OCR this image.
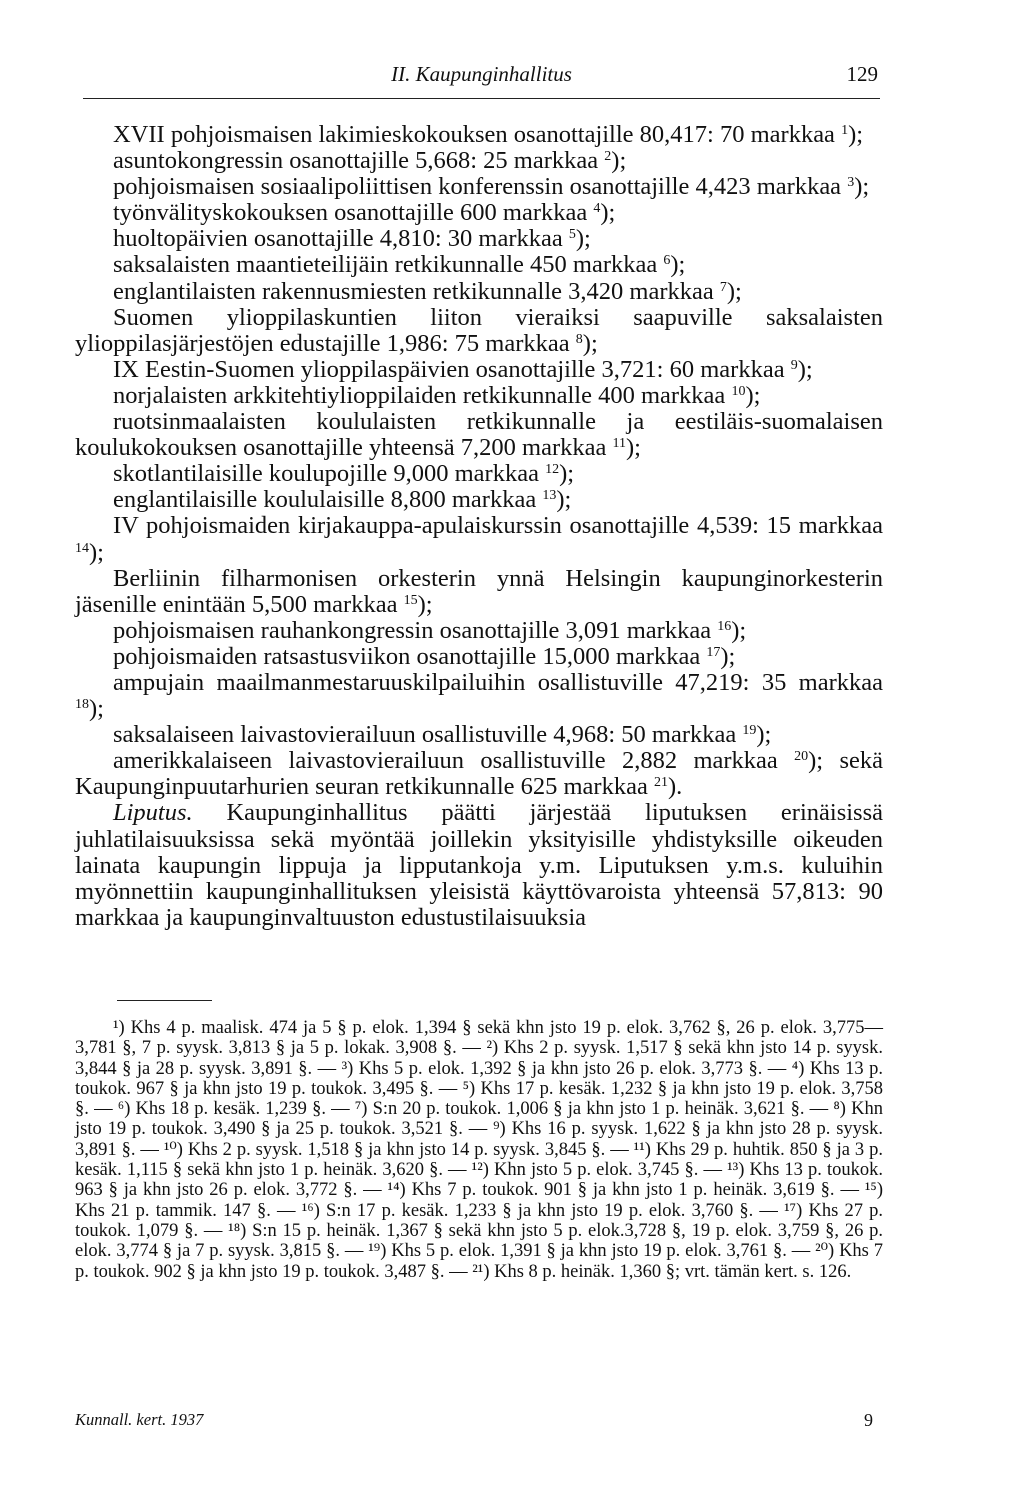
II. Kaupunginhallitus	129
XVII pohjoismaisen lakimieskokouksen osanottajille 80,417: 70 markkaa $^1$);
asuntokongressin osanottajille 5,668: 25 markkaa $^2$);
pohjoismaisen sosiaalipoliittisen konferenssin osanottajille 4,423 markkaa $^3$);
työnvälityskokouksen osanottajille 600 markkaa $^4$);
huoltopäivien osanottajille 4,810: 30 markkaa $^5$);
saksalaisten maantieteilijäin retkikunnalle 450 markkaa $^6$);
englantilaisten rakennusmiesten retkikunnalle 3,420 markkaa $^7$);
Suomen ylioppilaskuntien liiton vieraiksi saapuville saksalaisten ylioppilasjärjestöjen edustajille 1,986: 75 markkaa $^8$);
IX Eestin-Suomen ylioppilaspäivien osanottajille 3,721: 60 markkaa $^9$);
norjalaisten arkkitehtiylioppilaiden retkikunnalle 400 markkaa $^{10}$);
ruotsinmaalaisten koululaisten retkikunnalle ja eestiläis-suomalaisen koulukokouksen osanottajille yhteensä 7,200 markkaa $^{11}$);
skotlantilaisille koulupojille 9,000 markkaa $^{12}$);
englantilaisille koululaisille 8,800 markkaa $^{13}$);
IV pohjoismaiden kirjakauppa-apulaiskurssin osanottajille 4,539: 15 markkaa $^{14}$);
Berliinin filharmonisen orkesterin ynnä Helsingin kaupunginorkesterin jäsenille enintään 5,500 markkaa $^{15}$);
pohjoismaisen rauhankongressin osanottajille 3,091 markkaa $^{16}$);
pohjoismaiden ratsastusviikon osanottajille 15,000 markkaa $^{17}$);
ampujain maailmanmestaruuskilpailuihin osallistuville 47,219: 35 markkaa $^{18}$);
saksalaiseen laivastovierailuun osallistuville 4,968: 50 markkaa $^{19}$);
amerikkalaiseen laivastovierailuun osallistuville 2,882 markkaa $^{20}$); sekä Kaupunginpuutarhurien seuran retkikunnalle 625 markkaa $^{21}$).
Liputus. Kaupunginhallitus päätti järjestää liputuksen erinäisissä juhlatilaisuuksissa sekä myöntää joillekin yksityisille yhdistyksille oikeuden lainata kaupungin lippuja ja lipputankoja y.m. Liputuksen y.m.s. kuluihin myönnettiin kaupunginhallituksen yleisistä käyttövaroista yhteensä 57,813: 90 markkaa ja kaupunginvaltuuston edustustilaisuuksia
¹) Khs 4 p. maalisk. 474 ja 5 § p. elok. 1,394 § sekä khn jsto 19 p. elok. 3,762 §, 26 p. elok. 3,775—3,781 §, 7 p. syysk. 3,813 § ja 5 p. lokak. 3,908 §. — ²) Khs 2 p. syysk. 1,517 § sekä khn jsto 14 p. syysk. 3,844 § ja 28 p. syysk. 3,891 §. — ³) Khs 5 p. elok. 1,392 § ja khn jsto 26 p. elok. 3,773 §. — ⁴) Khs 13 p. toukok. 967 § ja khn jsto 19 p. toukok. 3,495 §. — ⁵) Khs 17 p. kesäk. 1,232 § ja khn jsto 19 p. elok. 3,758 §. — ⁶) Khs 18 p. kesäk. 1,239 §. — ⁷) S:n 20 p. toukok. 1,006 § ja khn jsto 1 p. heinäk. 3,621 §. — ⁸) Khn jsto 19 p. toukok. 3,490 § ja 25 p. toukok. 3,521 §. — ⁹) Khs 16 p. syysk. 1,622 § ja khn jsto 28 p. syysk. 3,891 §. — ¹⁰) Khs 2 p. syysk. 1,518 § ja khn jsto 14 p. syysk. 3,845 §. — ¹¹) Khs 29 p. huhtik. 850 § ja 3 p. kesäk. 1,115 § sekä khn jsto 1 p. heinäk. 3,620 §. — ¹²) Khn jsto 5 p. elok. 3,745 §. — ¹³) Khs 13 p. toukok. 963 § ja khn jsto 26 p. elok. 3,772 §. — ¹⁴) Khs 7 p. toukok. 901 § ja khn jsto 1 p. heinäk. 3,619 §. — ¹⁵) Khs 21 p. tammik. 147 §. — ¹⁶) S:n 17 p. kesäk. 1,233 § ja khn jsto 19 p. elok. 3,760 §. — ¹⁷) Khs 27 p. toukok. 1,079 §. — ¹⁸) S:n 15 p. heinäk. 1,367 § sekä khn jsto 5 p. elok.3,728 §, 19 p. elok. 3,759 §, 26 p. elok. 3,774 § ja 7 p. syysk. 3,815 §. — ¹⁹) Khs 5 p. elok. 1,391 § ja khn jsto 19 p. elok. 3,761 §. — ²⁰) Khs 7 p. toukok. 902 § ja khn jsto 19 p. toukok. 3,487 §. — ²¹) Khs 8 p. heinäk. 1,360 §; vrt. tämän kert. s. 126.
Kunnall. kert. 1937	9
